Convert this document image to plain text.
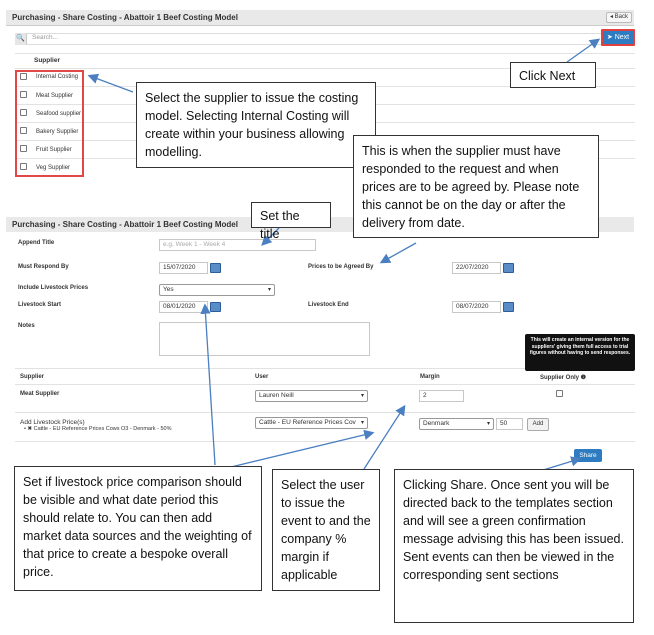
Purchasing - Share Costing - Abattoir 1 Beef Costing Model	◂ Back
🔍	Search...	➤ Next
Supplier
Internal Costing
Meat Supplier
Seafood supplier
Bakery Supplier
Fruit Supplier
Veg Supplier
Purchasing - Share Costing - Abattoir 1 Beef Costing Model
Append Title	e.g. Week 1 - Week 4
Must Respond By	15/07/2020	Prices to be Agreed By	22/07/2020
Include Livestock Prices	Yes	▾
Livestock Start	08/01/2020	Livestock End	08/07/2020
Notes
Supplier	User	Margin	Supplier Only ❶
Meat Supplier	Lauren Neill	▾	2
Add Livestock Price(s)
• ✖ Cattle - EU Reference Prices Cows O3 - Denmark - 50%
Cattle - EU Reference Prices Cov ▾	Denmark	▾	50	Add
This will create an internal version for the suppliers' giving them full access to trial figures without having to send responses.
Share
Click Next
Select the supplier to issue the costing model. Selecting Internal Costing will create within your business allowing modelling.	This is when the supplier must have responded to the request and when prices are to be agreed by. Please note this cannot be on the day or after the delivery from date.
Set the title
Set if livestock price comparison should be visible and what date period this should relate to. You can then add market data sources and the weighting of that price to create a bespoke overall price.
Select the user to issue the event to and the company % margin if applicable
Clicking Share. Once sent you will be directed back to the templates section and will see a green confirmation message advising this has been issued. Sent events can then be viewed in the corresponding sent sections
